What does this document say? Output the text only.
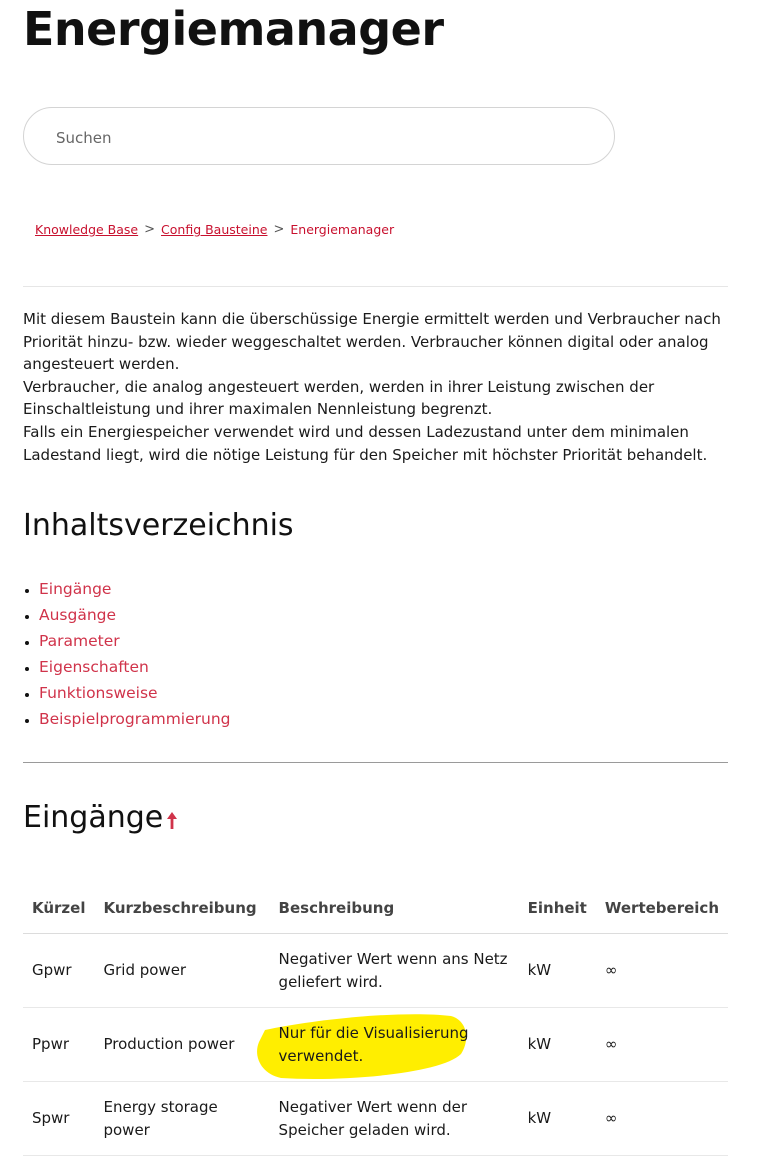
Energiemanager
Suchen
Knowledge Base > Config Bausteine > Energiemanager

Mit diesem Baustein kann die überschüssige Energie ermittelt werden und Verbraucher nach Priorität hinzu- bzw. wieder weggeschaltet werden. Verbraucher können digital oder analog angesteuert werden.

Verbraucher, die analog angesteuert werden, werden in ihrer Leistung zwischen der Einschaltleistung und ihrer maximalen Nennleistung begrenzt.

Falls ein Energiespeicher verwendet wird und dessen Ladezustand unter dem minimalen Ladestand liegt, wird die nötige Leistung für den Speicher mit höchster Priorität behandelt.

Inhaltsverzeichnis
• Eingänge
• Ausgänge
• Parameter
• Eigenschaften
• Funktionsweise
• Beispielprogrammierung
Eingänge
Kürzel	Kurzbeschreibung	Beschreibung	Einheit	Wertebereich
Gpwr	Grid power	Negativer Wert wenn ans Netz geliefert wird.	kW	∞
Ppwr	Production power	Nur für die Visualisierung verwendet.	kW	∞
Spwr	Energy storage power	Negativer Wert wenn der Speicher geladen wird.	kW	∞
